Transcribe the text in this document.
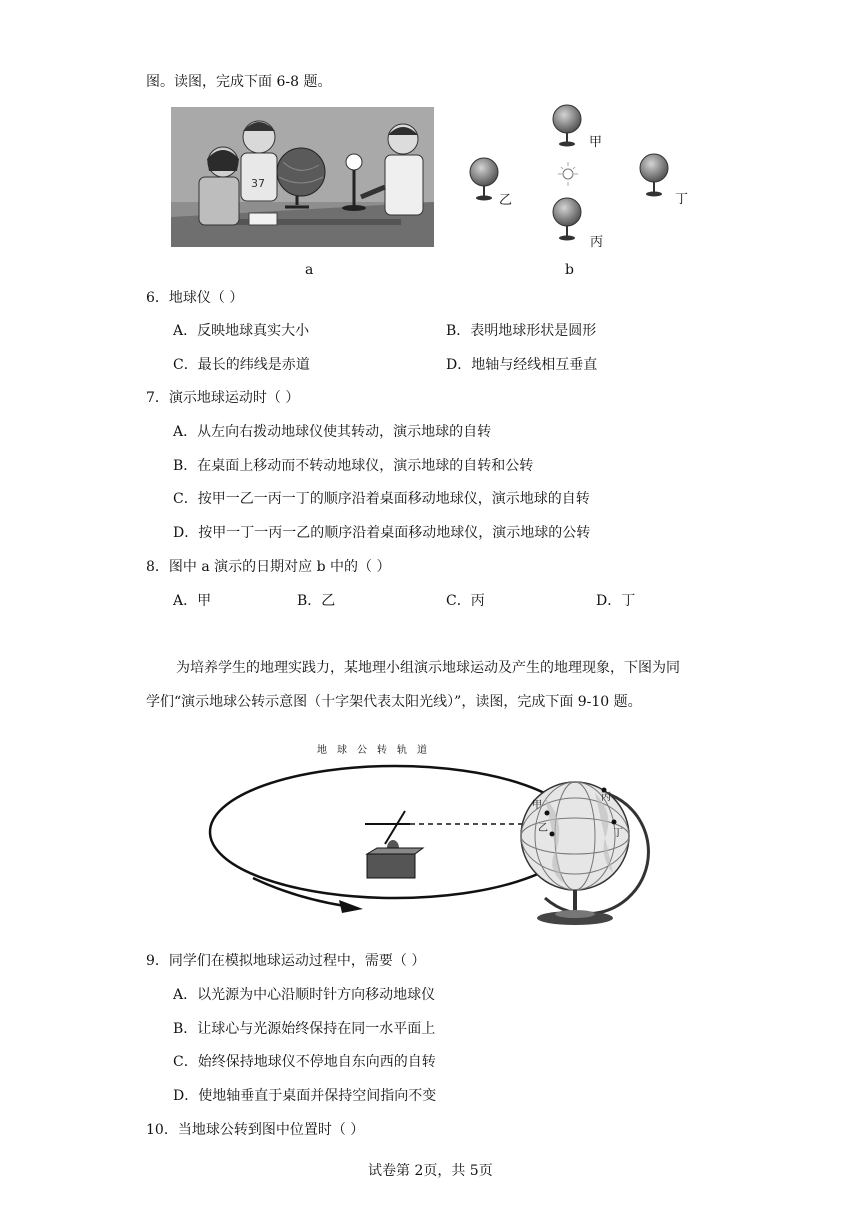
图。读图，完成下面 6-8 题。
37
a
甲
乙
丙
丁
b
6．地球仪（ ）
A．反映地球真实大小	B．表明地球形状是圆形
C．最长的纬线是赤道	D．地轴与经线相互垂直
7．演示地球运动时（ ）
A．从左向右拨动地球仪使其转动，演示地球的自转
B．在桌面上移动而不转动地球仪，演示地球的自转和公转
C．按甲一乙一丙一丁的顺序沿着桌面移动地球仪，演示地球的自转
D．按甲一丁一丙一乙的顺序沿着桌面移动地球仪，演示地球的公转
8．图中 a 演示的日期对应 b 中的（ ）
A．甲	B．乙	C．丙	D．丁
为培养学生的地理实践力，某地理小组演示地球运动及产生的地理现象，下图为同
学们“演示地球公转示意图（十字架代表太阳光线）”，读图，完成下面 9-10 题。
地　球　公　转　轨　道
甲
乙
丙
丁
9．同学们在模拟地球运动过程中，需要（ ）
A．以光源为中心沿顺时针方向移动地球仪
B．让球心与光源始终保持在同一水平面上
C．始终保持地球仪不停地自东向西的自转
D．使地轴垂直于桌面并保持空间指向不变
10．当地球公转到图中位置时（ ）
试卷第 2页，共 5页
